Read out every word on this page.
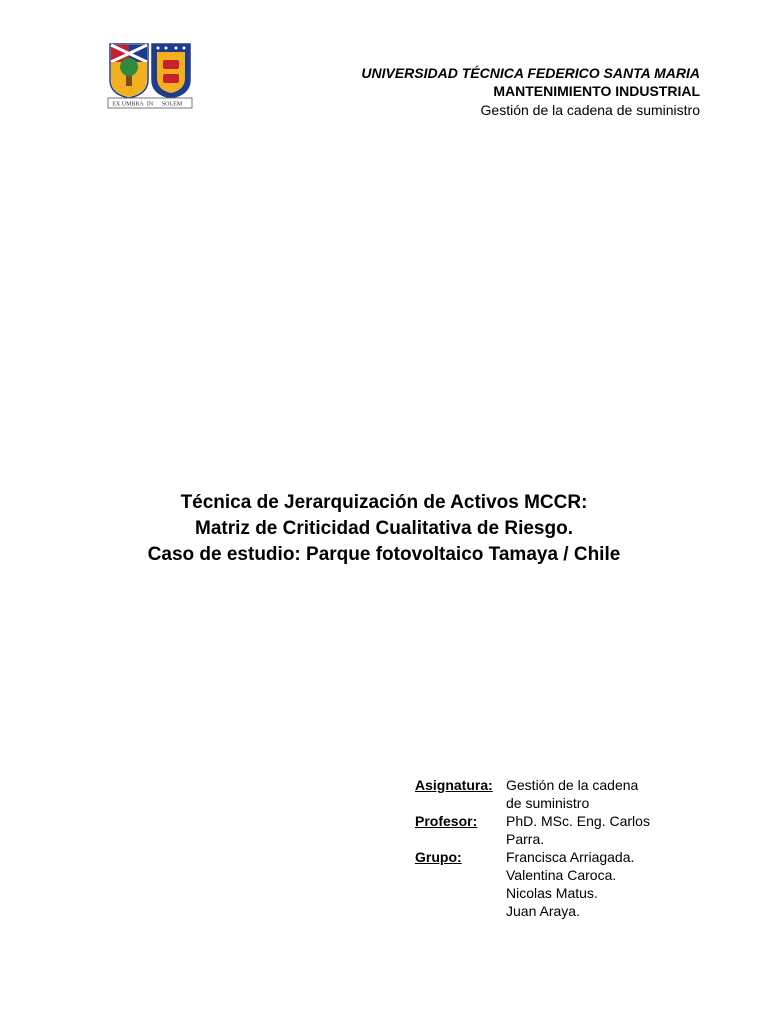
EX UMBRA IN SOLEM
UNIVERSIDAD TÉCNICA FEDERICO SANTA MARIA
MANTENIMIENTO INDUSTRIAL
Gestión de la cadena de suministro
Técnica de Jerarquización de Activos MCCR:
Matriz de Criticidad Cualitativa de Riesgo.
Caso de estudio: Parque fotovoltaico Tamaya / Chile
Asignatura: Gestión de la cadena
de suministro
Profesor:	PhD. MSc. Eng. Carlos
Parra.
Grupo:	Francisca Arriagada.
Valentina Caroca.
Nicolas Matus.
Juan Araya.
